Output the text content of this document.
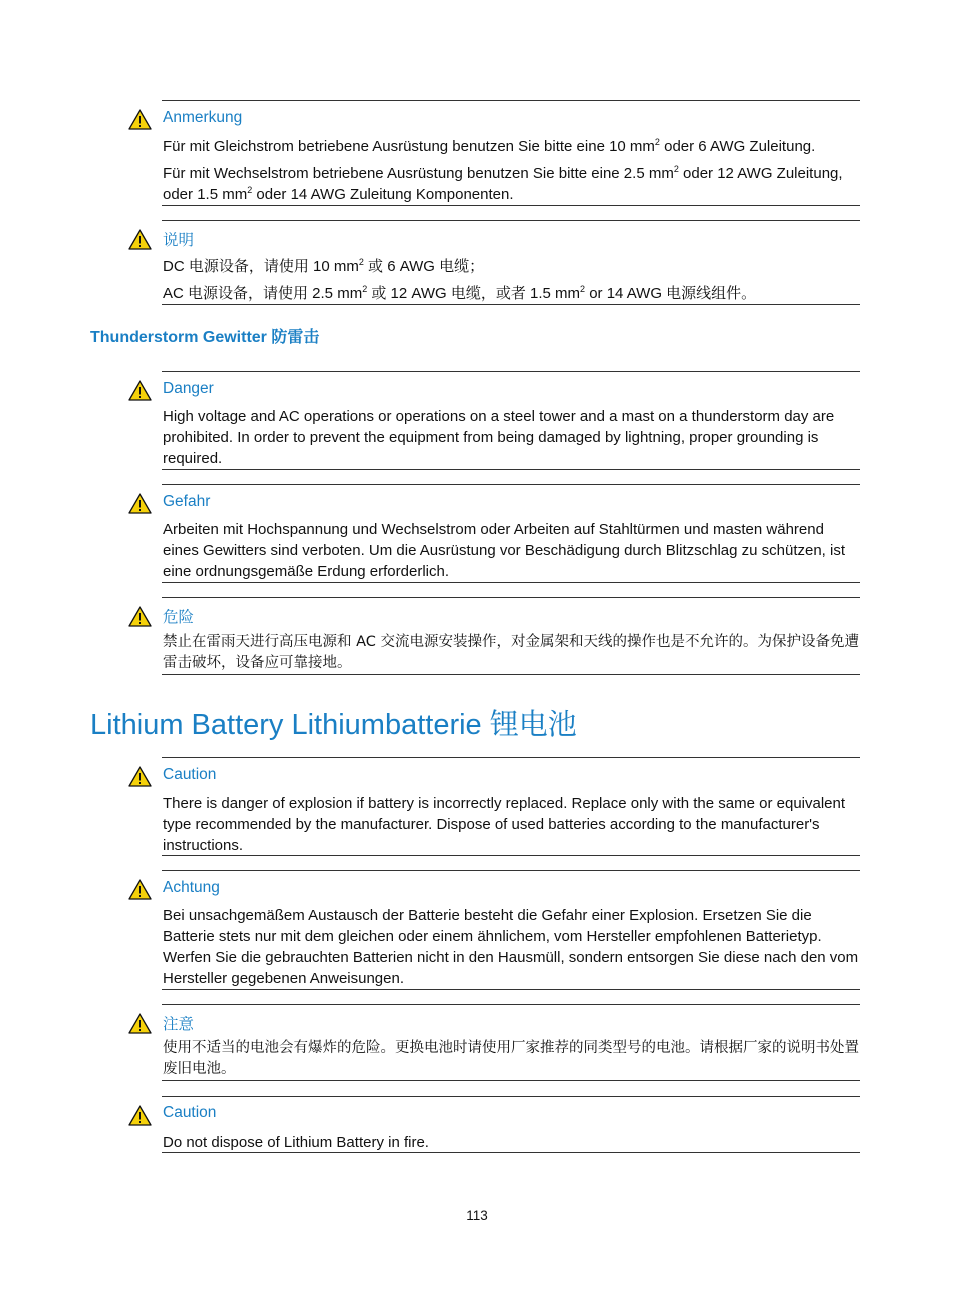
Anmerkung

Für mit Gleichstrom betriebene Ausrüstung benutzen Sie bitte eine 10 $mm^2$ oder 6 AWG Zuleitung.

Für mit Wechselstrom betriebene Ausrüstung benutzen Sie bitte eine 2.5 $mm^2$ oder 12 AWG Zuleitung, oder 1.5 $mm^2$ oder 14 AWG Zuleitung Komponenten.

说明

DC 电源设备，请使用 10 $mm^2$ 或 6 AWG 电缆；

AC 电源设备，请使用 2.5 $mm^2$ 或 12 AWG 电缆，或者 1.5 $mm^2$ or 14 AWG 电源线组件。

Thunderstorm Gewitter 防雷击
Danger
High voltage and AC operations or operations on a steel tower and a mast on a thunderstorm day are prohibited. In order to prevent the equipment from being damaged by lightning, proper grounding is required.
Gefahr
Arbeiten mit Hochspannung und Wechselstrom oder Arbeiten auf Stahltürmen und masten während eines Gewitters sind verboten. Um die Ausrüstung vor Beschädigung durch Blitzschlag zu schützen, ist eine ordnungsgemäße Erdung erforderlich.
危险
禁止在雷雨天进行高压电源和 AC 交流电源安装操作，对金属架和天线的操作也是不允许的。为保护设备免遭雷击破坏，设备应可靠接地。
Lithium Battery Lithiumbatterie 锂电池
Caution
There is danger of explosion if battery is incorrectly replaced. Replace only with the same or equivalent type recommended by the manufacturer. Dispose of used batteries according to the manufacturer's instructions.
Achtung
Bei unsachgemäßem Austausch der Batterie besteht die Gefahr einer Explosion. Ersetzen Sie die Batterie stets nur mit dem gleichen oder einem ähnlichem, vom Hersteller empfohlenen Batterietyp. Werfen Sie die gebrauchten Batterien nicht in den Hausmüll, sondern entsorgen Sie diese nach den vom Hersteller gegebenen Anweisungen.
注意
使用不适当的电池会有爆炸的危险。更换电池时请使用厂家推荐的同类型号的电池。请根据厂家的说明书处置废旧电池。
Caution
Do not dispose of Lithium Battery in fire.
113
